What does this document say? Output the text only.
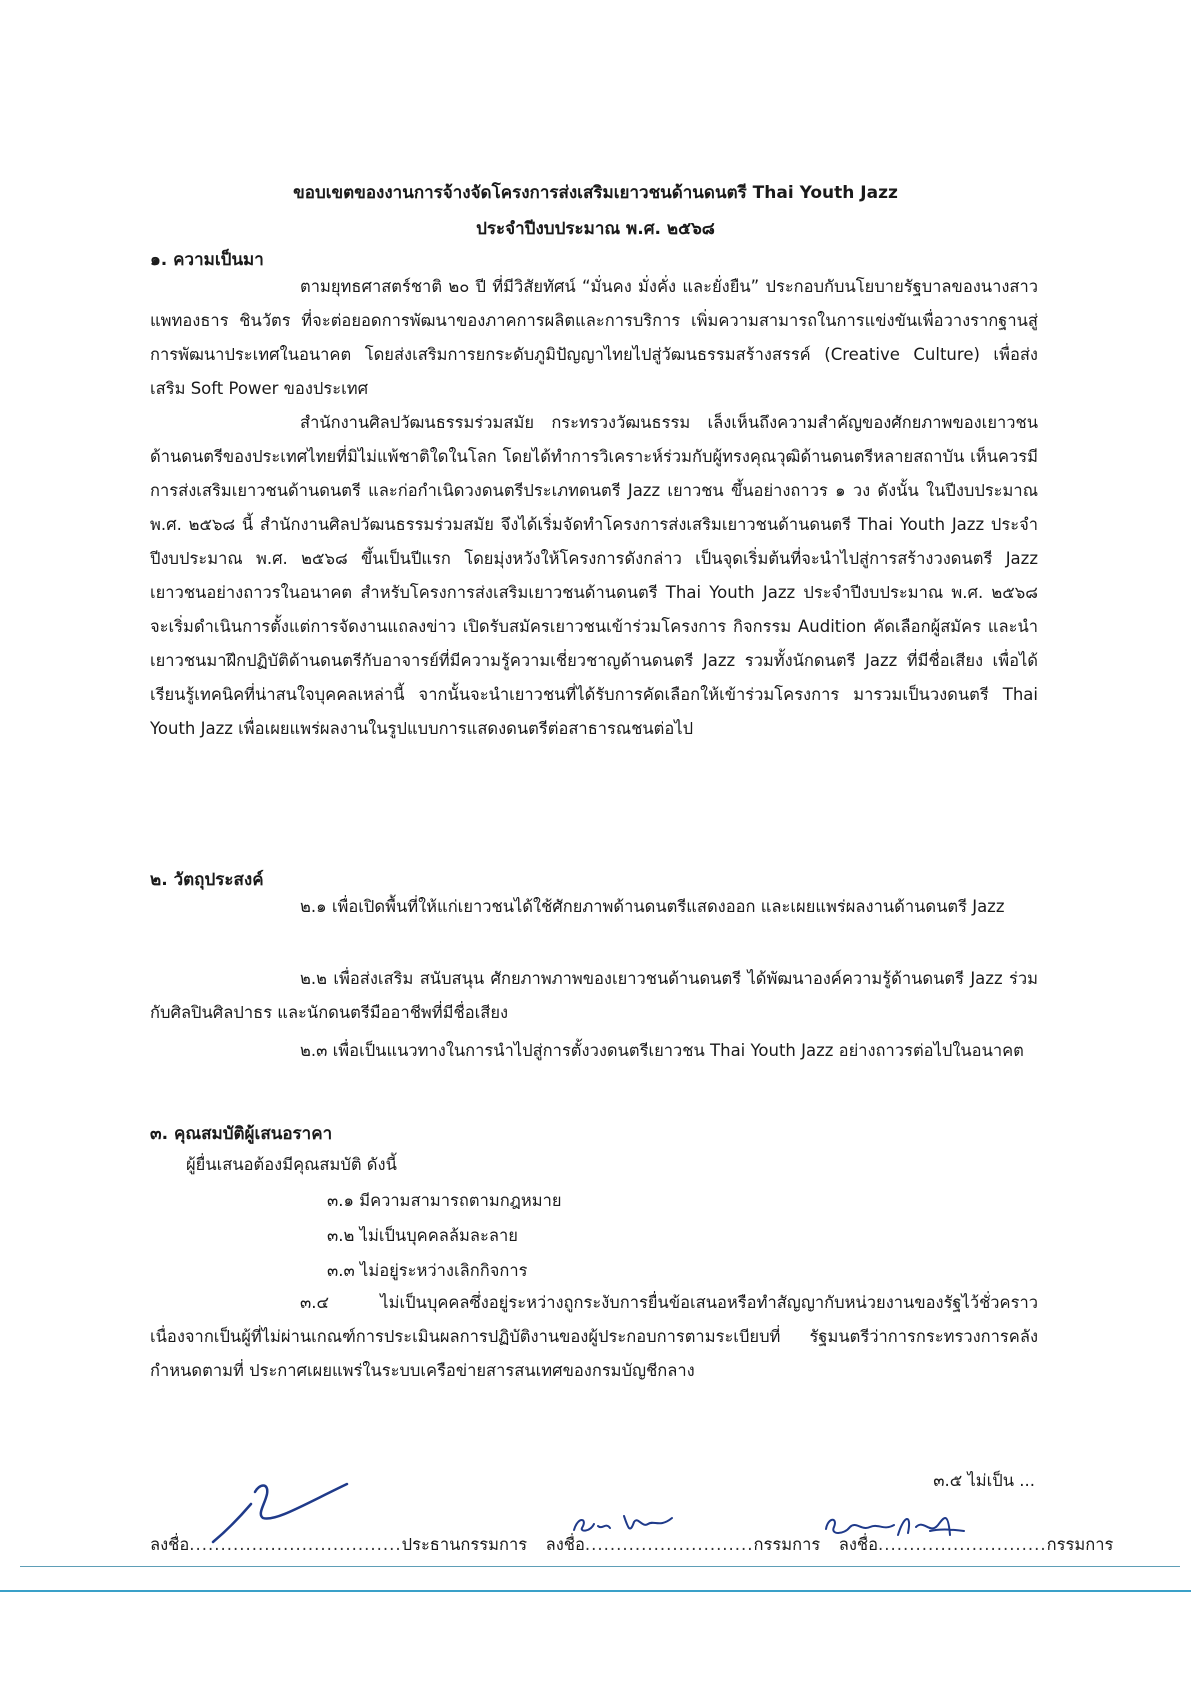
ขอบเขตของงานการจ้างจัดโครงการส่งเสริมเยาวชนด้านดนตรี Thai Youth Jazz
ประจำปีงบประมาณ พ.ศ. ๒๕๖๘
๑. ความเป็นมา
ตามยุทธศาสตร์ชาติ ๒๐ ปี ที่มีวิสัยทัศน์ “มั่นคง มั่งคั่ง และยั่งยืน” ประกอบกับนโยบายรัฐบาลของนางสาวแพทองธาร ชินวัตร ที่จะต่อยอดการพัฒนาของภาคการผลิตและการบริการ เพิ่มความสามารถในการแข่งขันเพื่อวางรากฐานสู่การพัฒนาประเทศในอนาคต โดยส่งเสริมการยกระดับภูมิปัญญาไทยไปสู่วัฒนธรรมสร้างสรรค์ (Creative Culture) เพื่อส่งเสริม Soft Power ของประเทศ
สำนักงานศิลปวัฒนธรรมร่วมสมัย กระทรวงวัฒนธรรม เล็งเห็นถึงความสำคัญของศักยภาพของเยาวชนด้านดนตรีของประเทศไทยที่มิไม่แพ้ชาติใดในโลก โดยได้ทำการวิเคราะห์ร่วมกับผู้ทรงคุณวุฒิด้านดนตรีหลายสถาบัน เห็นควรมีการส่งเสริมเยาวชนด้านดนตรี และก่อกำเนิดวงดนตรีประเภทดนตรี Jazz เยาวชน ขึ้นอย่างถาวร ๑ วง ดังนั้น ในปีงบประมาณ พ.ศ. ๒๕๖๘ นี้ สำนักงานศิลปวัฒนธรรมร่วมสมัย จึงได้เริ่มจัดทำโครงการส่งเสริมเยาวชนด้านดนตรี Thai Youth Jazz ประจำปีงบประมาณ พ.ศ. ๒๕๖๘ ขึ้นเป็นปีแรก โดยมุ่งหวังให้โครงการดังกล่าว เป็นจุดเริ่มต้นที่จะนำไปสู่การสร้างวงดนตรี Jazz เยาวชนอย่างถาวรในอนาคต สำหรับโครงการส่งเสริมเยาวชนด้านดนตรี Thai Youth Jazz ประจำปีงบประมาณ พ.ศ. ๒๕๖๘ จะเริ่มดำเนินการตั้งแต่การจัดงานแถลงข่าว เปิดรับสมัครเยาวชนเข้าร่วมโครงการ กิจกรรม Audition คัดเลือกผู้สมัคร และนำเยาวชนมาฝึกปฏิบัติด้านดนตรีกับอาจารย์ที่มีความรู้ความเชี่ยวชาญด้านดนตรี Jazz รวมทั้งนักดนตรี Jazz ที่มีชื่อเสียง เพื่อได้เรียนรู้เทคนิคที่น่าสนใจบุคคลเหล่านี้ จากนั้นจะนำเยาวชนที่ได้รับการคัดเลือกให้เข้าร่วมโครงการ มารวมเป็นวงดนตรี Thai Youth Jazz เพื่อเผยแพร่ผลงานในรูปแบบการแสดงดนตรีต่อสาธารณชนต่อไป
๒. วัตถุประสงค์
๒.๑ เพื่อเปิดพื้นที่ให้แก่เยาวชนได้ใช้ศักยภาพด้านดนตรีแสดงออก และเผยแพร่ผลงานด้านดนตรี Jazz
๒.๒ เพื่อส่งเสริม สนับสนุน ศักยภาพภาพของเยาวชนด้านดนตรี ได้พัฒนาองค์ความรู้ด้านดนตรี Jazz ร่วมกับศิลปินศิลปาธร และนักดนตรีมืออาชีพที่มีชื่อเสียง
๒.๓ เพื่อเป็นแนวทางในการนำไปสู่การตั้งวงดนตรีเยาวชน Thai Youth Jazz อย่างถาวรต่อไปในอนาคต
๓. คุณสมบัติผู้เสนอราคา
ผู้ยื่นเสนอต้องมีคุณสมบัติ ดังนี้
๓.๑ มีความสามารถตามกฎหมาย
๓.๒ ไม่เป็นบุคคลล้มละลาย
๓.๓ ไม่อยู่ระหว่างเลิกกิจการ
๓.๔ ไม่เป็นบุคคลซึ่งอยู่ระหว่างถูกระงับการยื่นข้อเสนอหรือทำสัญญากับหน่วยงานของรัฐไว้ชั่วคราว เนื่องจากเป็นผู้ที่ไม่ผ่านเกณฑ์การประเมินผลการปฏิบัติงานของผู้ประกอบการตามระเบียบที่ รัฐมนตรีว่าการกระทรวงการคลังกำหนดตามที่ ประกาศเผยแพร่ในระบบเครือข่ายสารสนเทศของกรมบัญชีกลาง
๓.๕ ไม่เป็น ...
ลงชื่อ..................................ประธานกรรมการ ลงชื่อ...........................กรรมการ ลงชื่อ...........................กรรมการ
